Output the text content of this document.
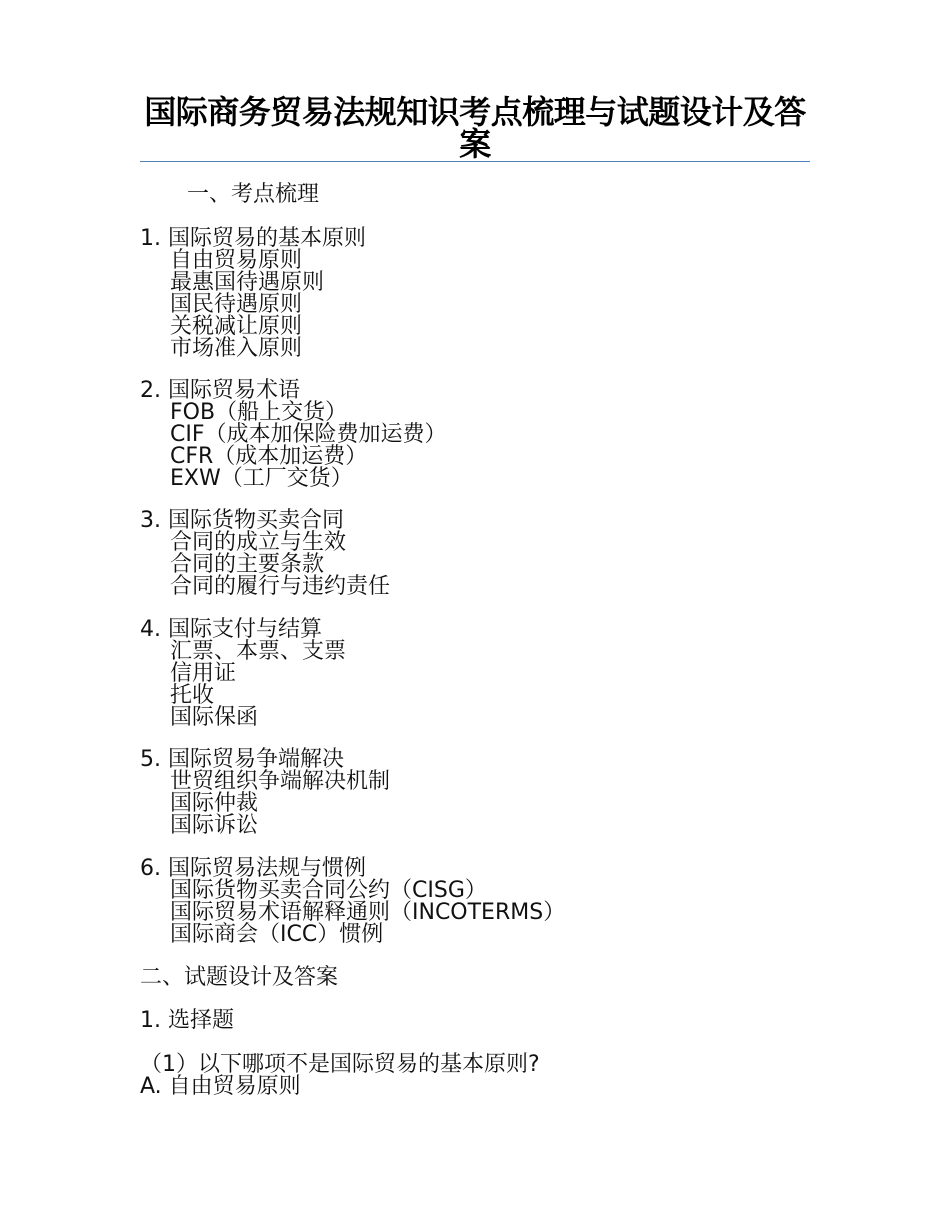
国际商务贸易法规知识考点梳理与试题设计及答案
一、考点梳理
1. 国际贸易的基本原则
自由贸易原则
最惠国待遇原则
国民待遇原则
关税减让原则
市场准入原则
2. 国际贸易术语
FOB（船上交货）
CIF（成本加保险费加运费）
CFR（成本加运费）
EXW（工厂交货）
3. 国际货物买卖合同
合同的成立与生效
合同的主要条款
合同的履行与违约责任
4. 国际支付与结算
汇票、本票、支票
信用证
托收
国际保函
5. 国际贸易争端解决
世贸组织争端解决机制
国际仲裁
国际诉讼
6. 国际贸易法规与惯例
国际货物买卖合同公约（CISG）
国际贸易术语解释通则（INCOTERMS）
国际商会（ICC）惯例
二、试题设计及答案
1. 选择题
（1）以下哪项不是国际贸易的基本原则?
A. 自由贸易原则
